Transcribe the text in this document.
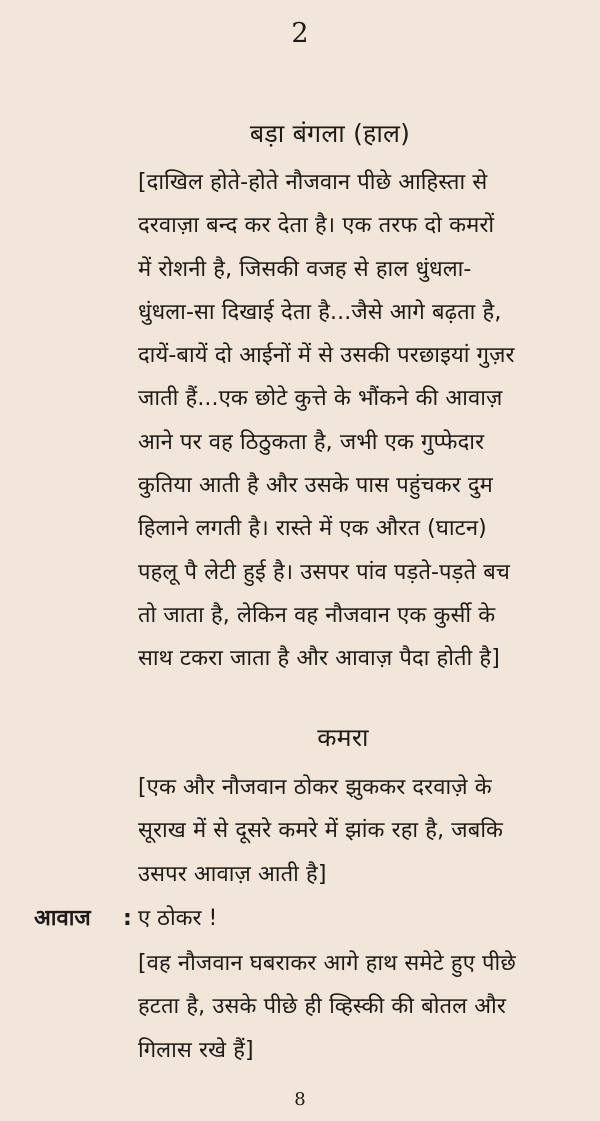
2
बड़ा बंगला (हाल)
[दाखिल होते-होते नौजवान पीछे आहिस्ता से
दरवाज़ा बन्द कर देता है। एक तरफ दो कमरों
में रोशनी है, जिसकी वजह से हाल धुंधला-
धुंधला-सा दिखाई देता है...जैसे आगे बढ़ता है,
दायें-बायें दो आईनों में से उसकी परछाइयां गुज़र
जाती हैं...एक छोटे कुत्ते के भौंकने की आवाज़
आने पर वह ठिठुकता है, जभी एक गुप्फेदार
कुतिया आती है और उसके पास पहुंचकर दुम
हिलाने लगती है। रास्ते में एक औरत (घाटन)
पहलू पै लेटी हुई है। उसपर पांव पड़ते-पड़ते बच
तो जाता है, लेकिन वह नौजवान एक कुर्सी के
साथ टकरा जाता है और आवाज़ पैदा होती है]
कमरा
[एक और नौजवान ठोकर झुककर दरवाज़े के
सूराख में से दूसरे कमरे में झांक रहा है, जबकि
उसपर आवाज़ आती है]
आवाज : ए ठोकर !
[वह नौजवान घबराकर आगे हाथ समेटे हुए पीछे
हटता है, उसके पीछे ही व्हिस्की की बोतल और
गिलास रखे हैं]
8
